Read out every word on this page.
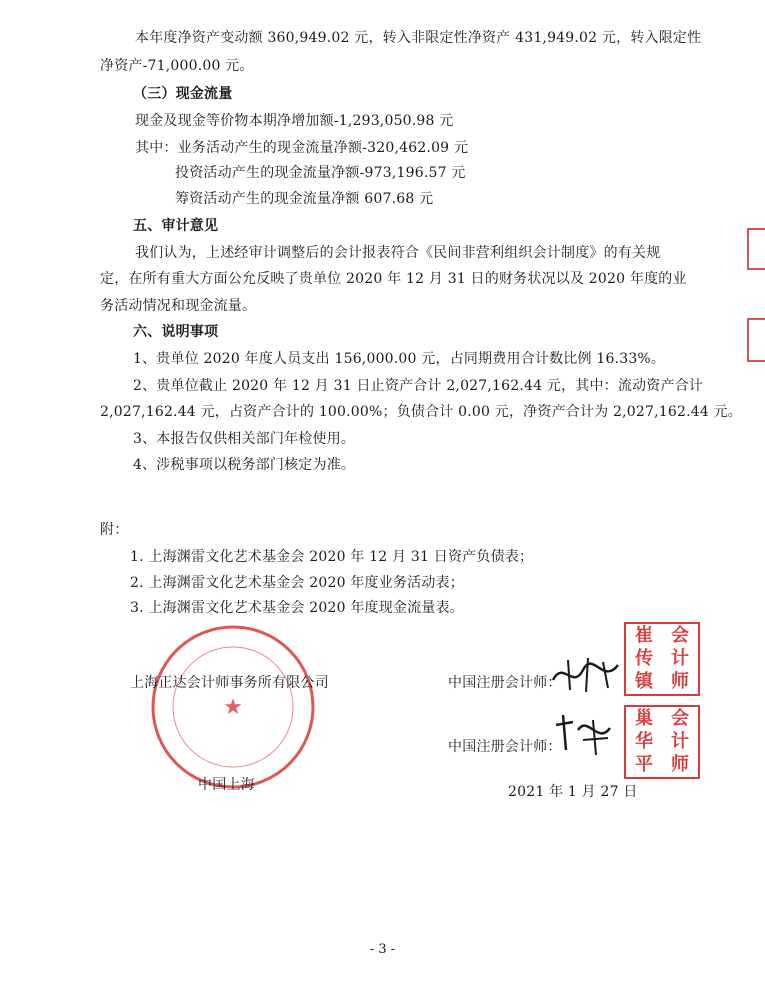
本年度净资产变动额 360,949.02 元，转入非限定性净资产 431,949.02 元，转入限定性
净资产-71,000.00 元。
（三）现金流量
现金及现金等价物本期净增加额-1,293,050.98 元
其中：业务活动产生的现金流量净额-320,462.09 元
投资活动产生的现金流量净额-973,196.57 元
筹资活动产生的现金流量净额 607.68 元
五、审计意见
我们认为，上述经审计调整后的会计报表符合《民间非营利组织会计制度》的有关规
定，在所有重大方面公允反映了贵单位 2020 年 12 月 31 日的财务状况以及 2020 年度的业
务活动情况和现金流量。
六、说明事项
1、贵单位 2020 年度人员支出 156,000.00 元，占同期费用合计数比例 16.33%。
2、贵单位截止 2020 年 12 月 31 日止资产合计 2,027,162.44 元，其中：流动资产合计
2,027,162.44 元，占资产合计的 100.00%；负债合计 0.00 元，净资产合计为 2,027,162.44 元。
3、本报告仅供相关部门年检使用。
4、涉税事项以税务部门核定为准。
附：
1. 上海渊雷文化艺术基金会 2020 年 12 月 31 日资产负债表；
2. 上海渊雷文化艺术基金会 2020 年度业务活动表；
3. 上海渊雷文化艺术基金会 2020 年度现金流量表。
★
上海正达会计师事务所有限公司
中国上海
中国注册会计师：
中国注册会计师：
崔
传
镇
会
计
师
巢
华
平
会
计
师
2021 年 1 月 27 日
- 3 -
